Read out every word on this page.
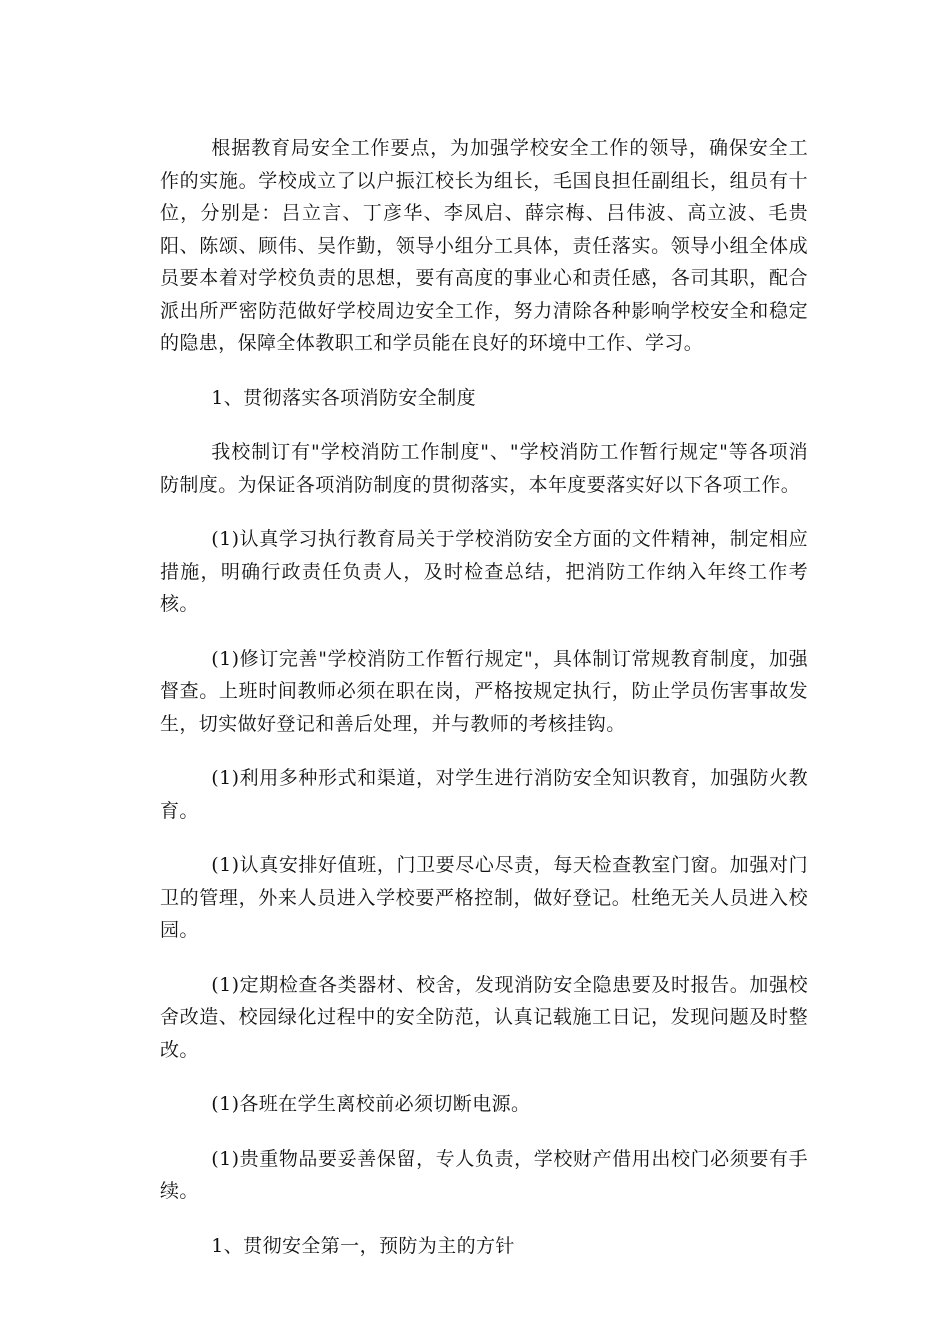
根据教育局安全工作要点，为加强学校安全工作的领导，确保安全工作的实施。学校成立了以户振江校长为组长，毛国良担任副组长，组员有十位，分别是：吕立言、丁彦华、李凤启、薛宗梅、吕伟波、高立波、毛贵阳、陈颂、顾伟、吴作勤，领导小组分工具体，责任落实。领导小组全体成员要本着对学校负责的思想，要有高度的事业心和责任感，各司其职，配合派出所严密防范做好学校周边安全工作，努力清除各种影响学校安全和稳定的隐患，保障全体教职工和学员能在良好的环境中工作、学习。

1、贯彻落实各项消防安全制度

我校制订有"学校消防工作制度"、"学校消防工作暂行规定"等各项消防制度。为保证各项消防制度的贯彻落实，本年度要落实好以下各项工作。

(1)认真学习执行教育局关于学校消防安全方面的文件精神，制定相应措施，明确行政责任负责人，及时检查总结，把消防工作纳入年终工作考核。

(1)修订完善"学校消防工作暂行规定"，具体制订常规教育制度，加强督查。上班时间教师必须在职在岗，严格按规定执行，防止学员伤害事故发生，切实做好登记和善后处理，并与教师的考核挂钩。

(1)利用多种形式和渠道，对学生进行消防安全知识教育，加强防火教育。

(1)认真安排好值班，门卫要尽心尽责，每天检查教室门窗。加强对门卫的管理，外来人员进入学校要严格控制，做好登记。杜绝无关人员进入校园。

(1)定期检查各类器材、校舍，发现消防安全隐患要及时报告。加强校舍改造、校园绿化过程中的安全防范，认真记载施工日记，发现问题及时整改。

(1)各班在学生离校前必须切断电源。

(1)贵重物品要妥善保留，专人负责，学校财产借用出校门必须要有手续。

1、贯彻安全第一，预防为主的方针
